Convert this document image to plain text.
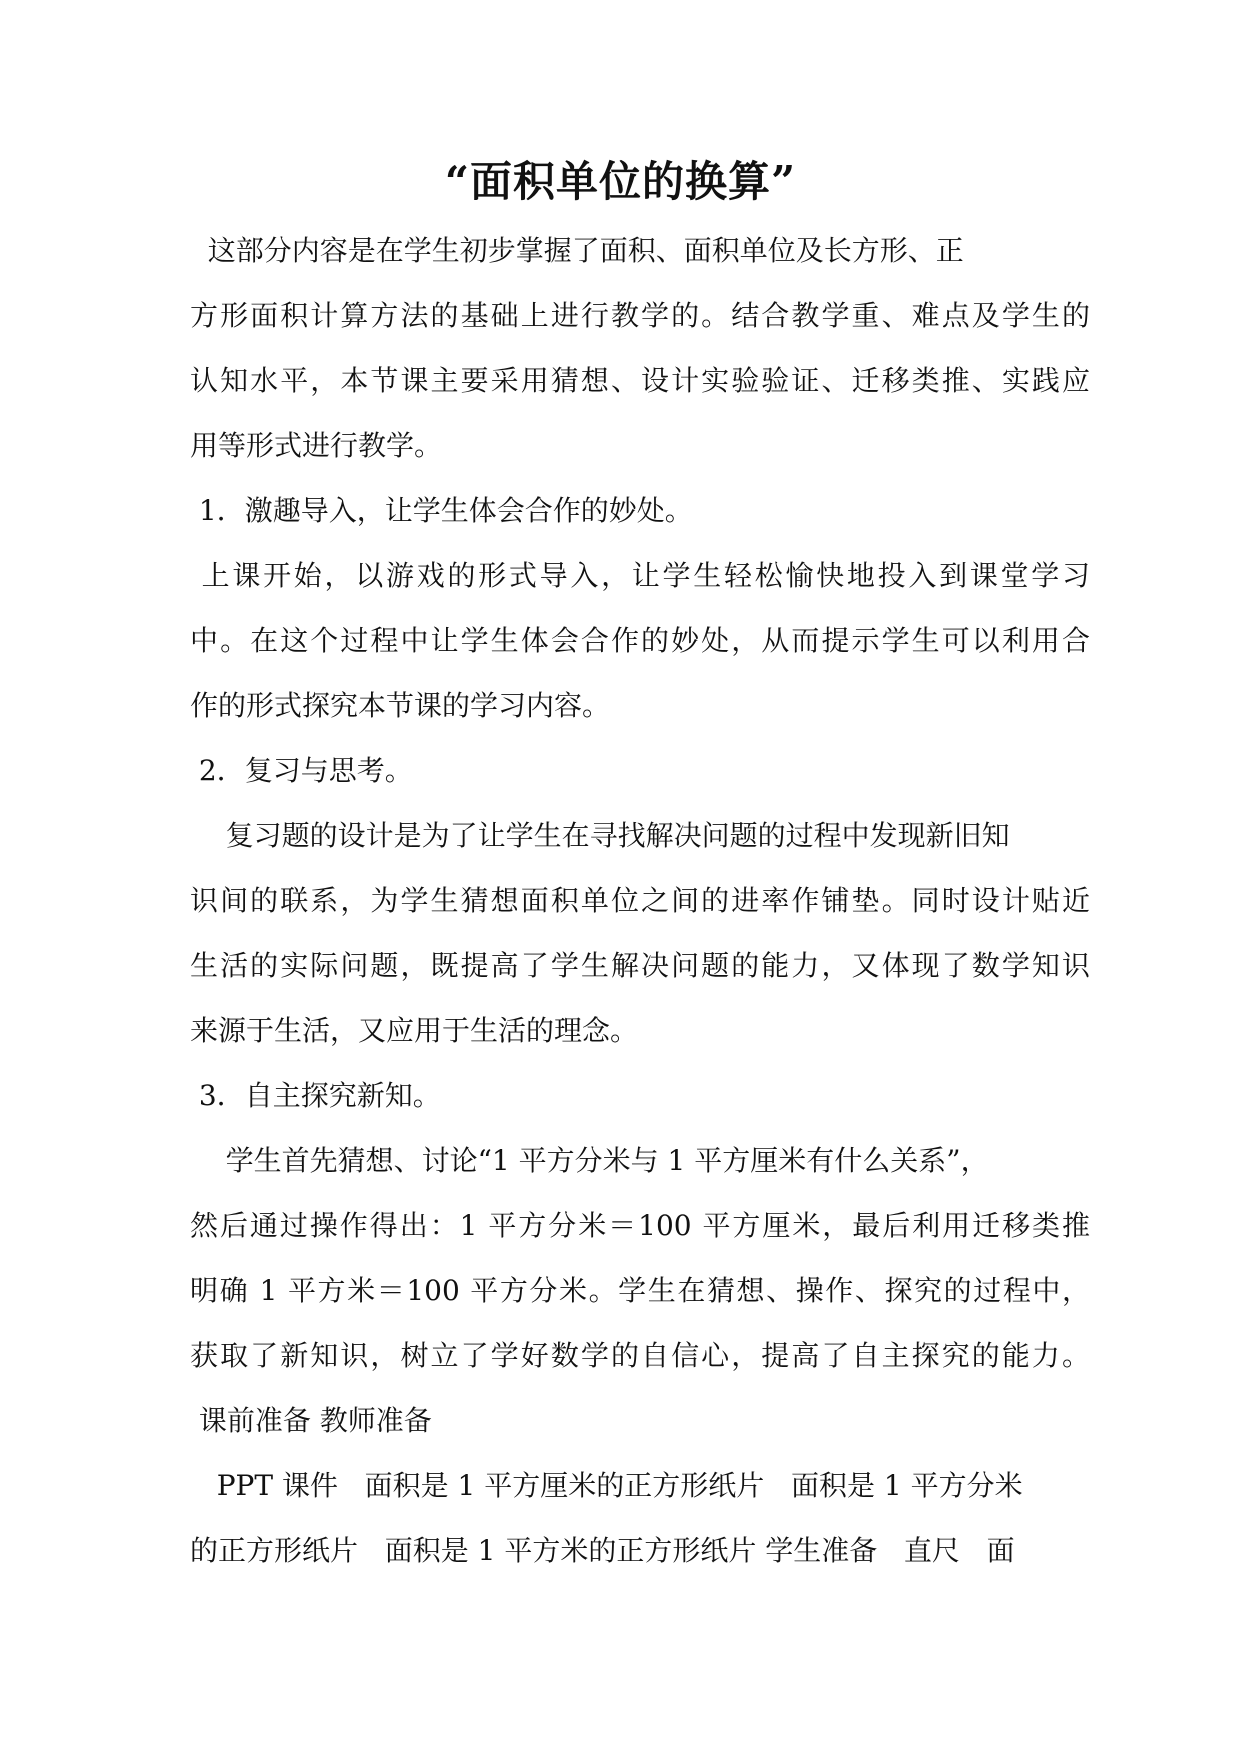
“面积单位的换算”
这部分内容是在学生初步掌握了面积、面积单位及长方形、正
方形面积计算方法的基础上进行教学的。结合教学重、难点及学生的
认知水平，本节课主要采用猜想、设计实验验证、迁移类推、实践应
用等形式进行教学。
1．激趣导入，让学生体会合作的妙处。
上课开始，以游戏的形式导入，让学生轻松愉快地投入到课堂学习
中。在这个过程中让学生体会合作的妙处，从而提示学生可以利用合
作的形式探究本节课的学习内容。
2．复习与思考。
复习题的设计是为了让学生在寻找解决问题的过程中发现新旧知
识间的联系，为学生猜想面积单位之间的进率作铺垫。同时设计贴近
生活的实际问题，既提高了学生解决问题的能力，又体现了数学知识
来源于生活，又应用于生活的理念。
3．自主探究新知。
学生首先猜想、讨论“1 平方分米与 1 平方厘米有什么关系”，
然后通过操作得出：1 平方分米＝100 平方厘米，最后利用迁移类推
明确 1 平方米＝100 平方分米。学生在猜想、操作、探究的过程中，
获取了新知识，树立了学好数学的自信心，提高了自主探究的能力。
课前准备 教师准备
PPT 课件   面积是 1 平方厘米的正方形纸片   面积是 1 平方分米
的正方形纸片   面积是 1 平方米的正方形纸片 学生准备   直尺   面
